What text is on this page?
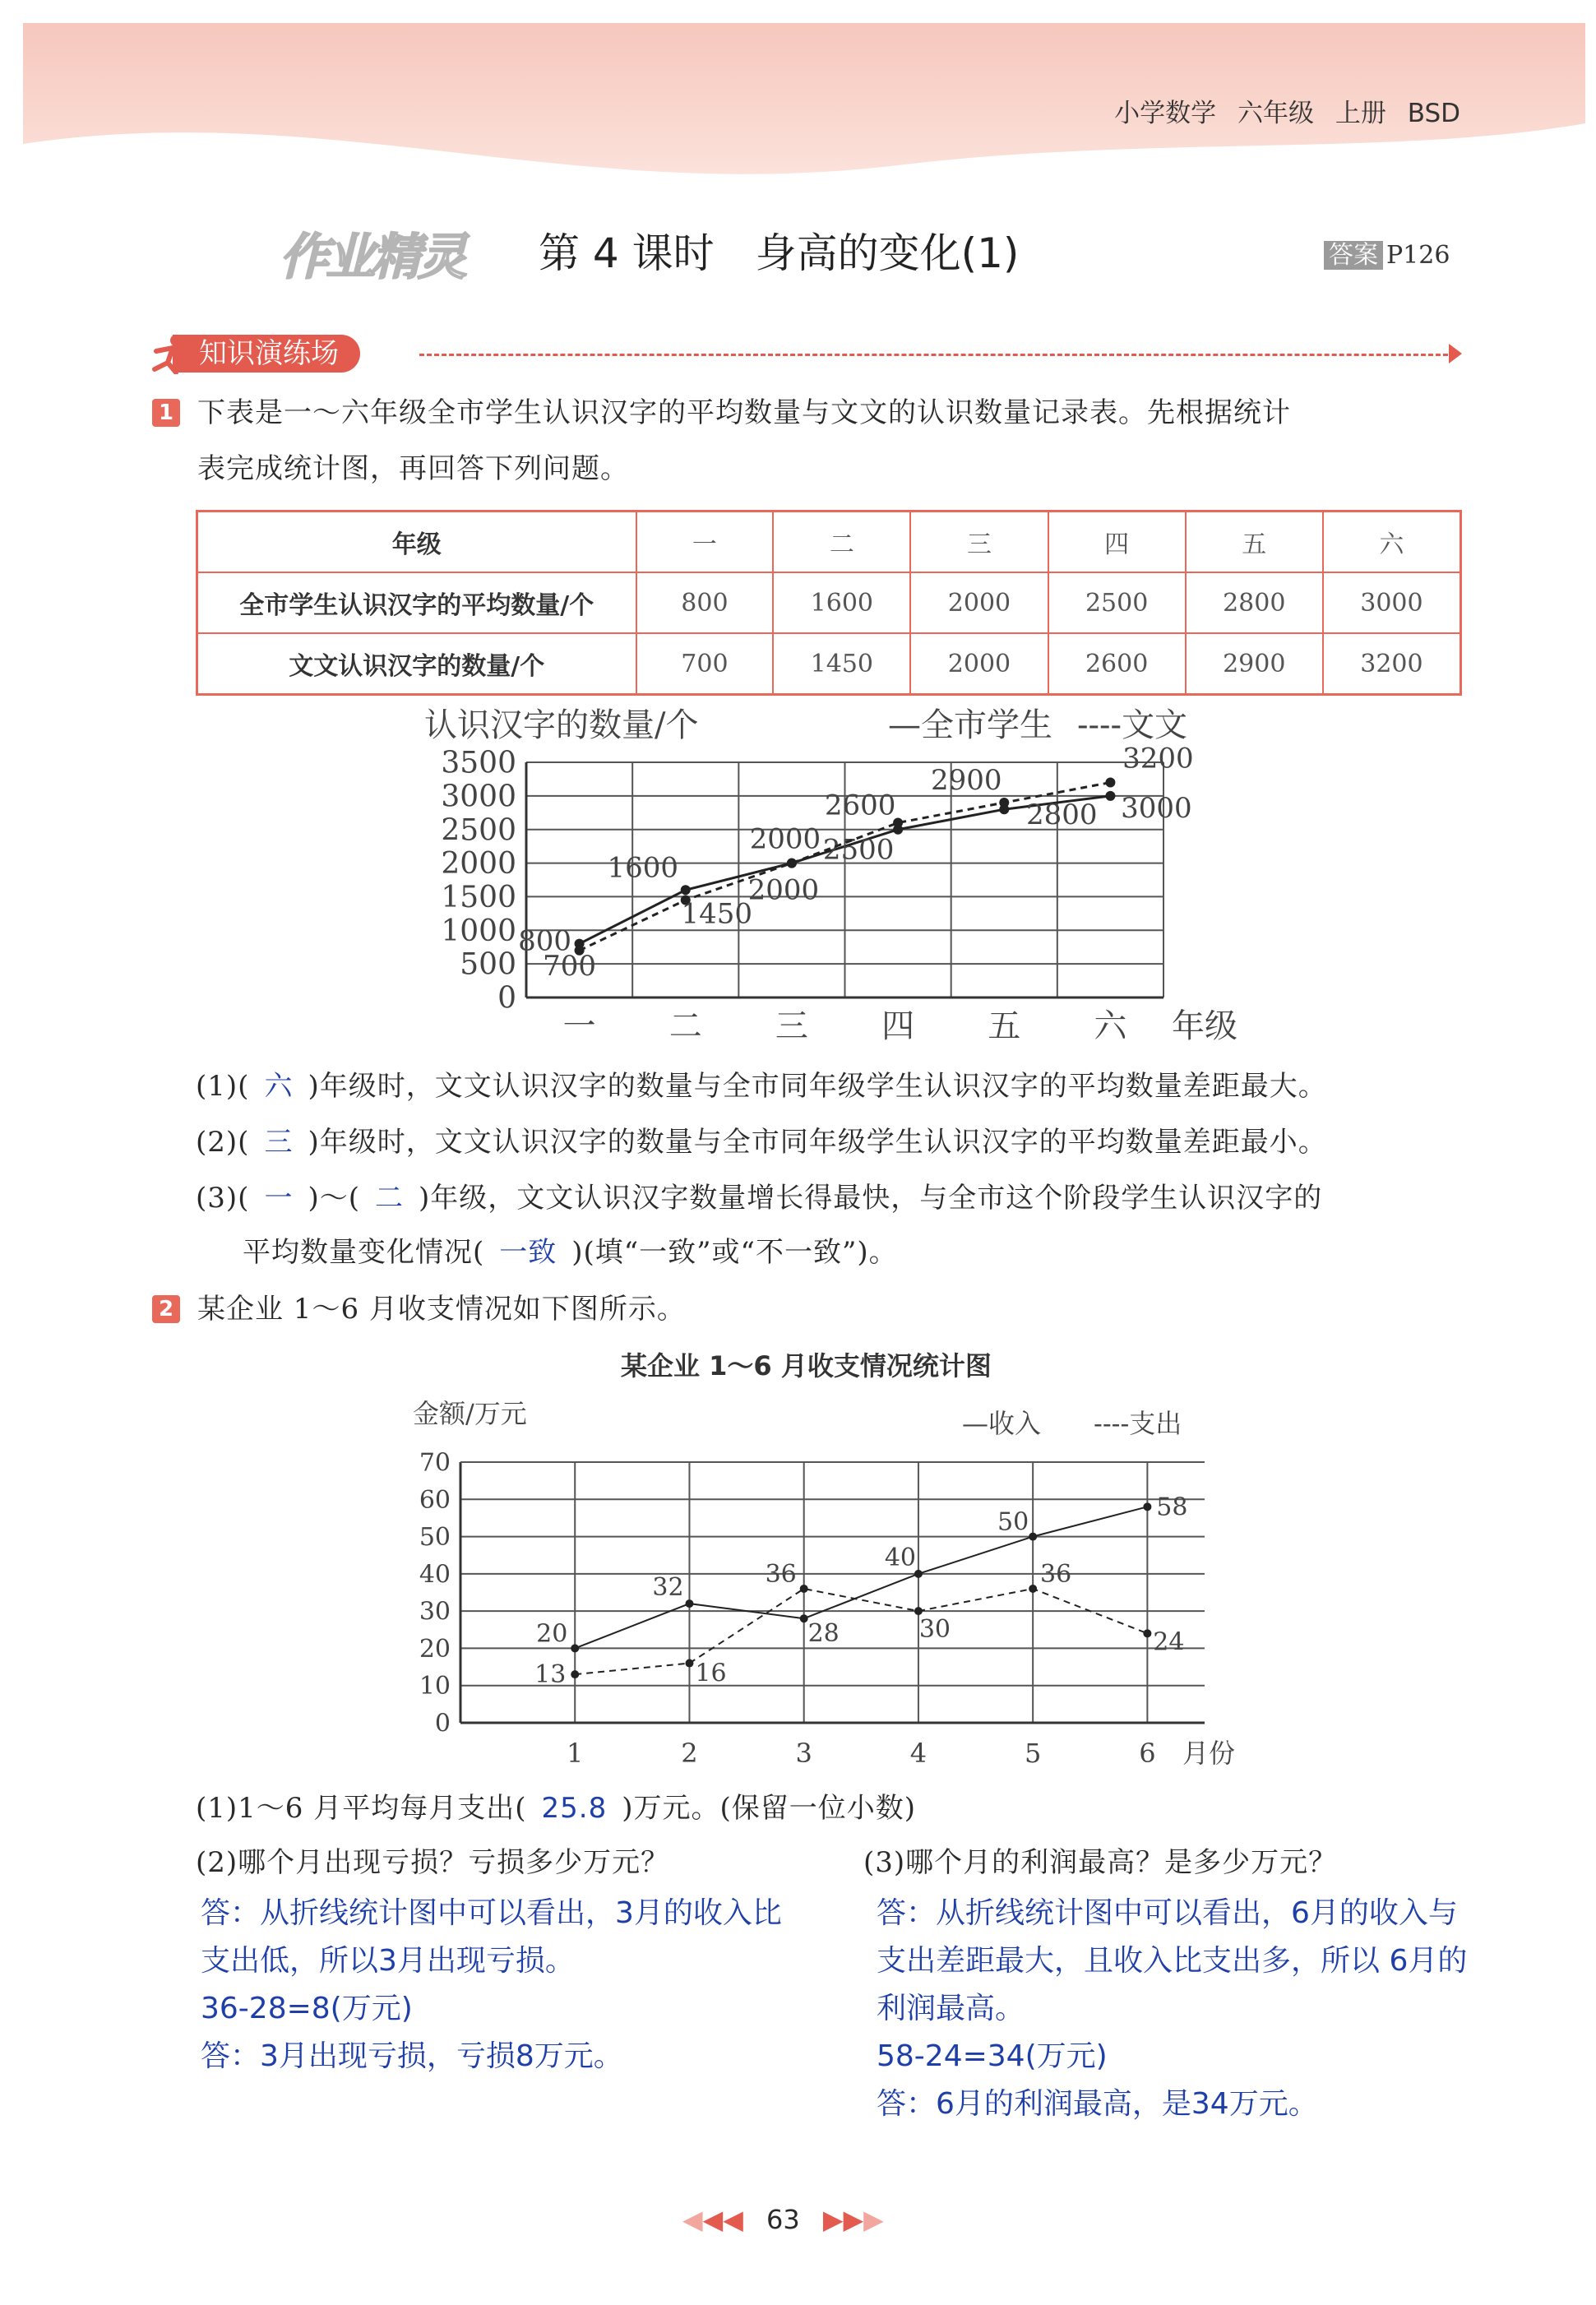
小学数学 六年级 上册 BSD
作业精灵 第 4 课时　身高的变化(1)	答案 P126
知识演练场
1 下表是一～六年级全市学生认识汉字的平均数量与文文的认识数量记录表。先根据统计
表完成统计图，再回答下列问题。
年级	一	二	三	四	五	六
全市学生认识汉字的平均数量/个	800	1600	2000	2500	2800	3000
文文认识汉字的数量/个	700	1450	2000	2600	2900	3200
认识汉字的数量/个	—全市学生 ----文文
0
500
1000
1500
2000
2500
3000
3500
一 二 三 四 五 六 年级
800
1600
2000
2500
2800 3000
700
1450
2000
2600
2900
3200
(1)( 六 )年级时，文文认识汉字的数量与全市同年级学生认识汉字的平均数量差距最大。
(2)( 三 )年级时，文文认识汉字的数量与全市同年级学生认识汉字的平均数量差距最小。
(3)( 一 )～( 二 )年级，文文认识汉字数量增长得最快，与全市这个阶段学生认识汉字的
平均数量变化情况( 一致 )(填“一致”或“不一致”)。
2 某企业 1～6 月收支情况如下图所示。
某企业 1～6 月收支情况统计图
金额/万元	—收入 ----支出
0
10
20
30
40
50
60
70
1	2	3	4	5	6 月份
20
32
28
40
50
58
13	16
36
30
36
24
(1)1～6 月平均每月支出( 25.8 )万元。(保留一位小数)
(2)哪个月出现亏损？亏损多少万元？	(3)哪个月的利润最高？是多少万元？
答：从折线统计图中可以看出，3月的收入比
支出低，所以3月出现亏损。
36-28=8(万元)
答：3月出现亏损，亏损8万元。
答：从折线统计图中可以看出，6月的收入与
支出差距最大，且收入比支出多，所以 6月的
利润最高。
58-24=34(万元)
答：6月的利润最高，是34万元。
◀◀◀ 63 ▶▶▶
